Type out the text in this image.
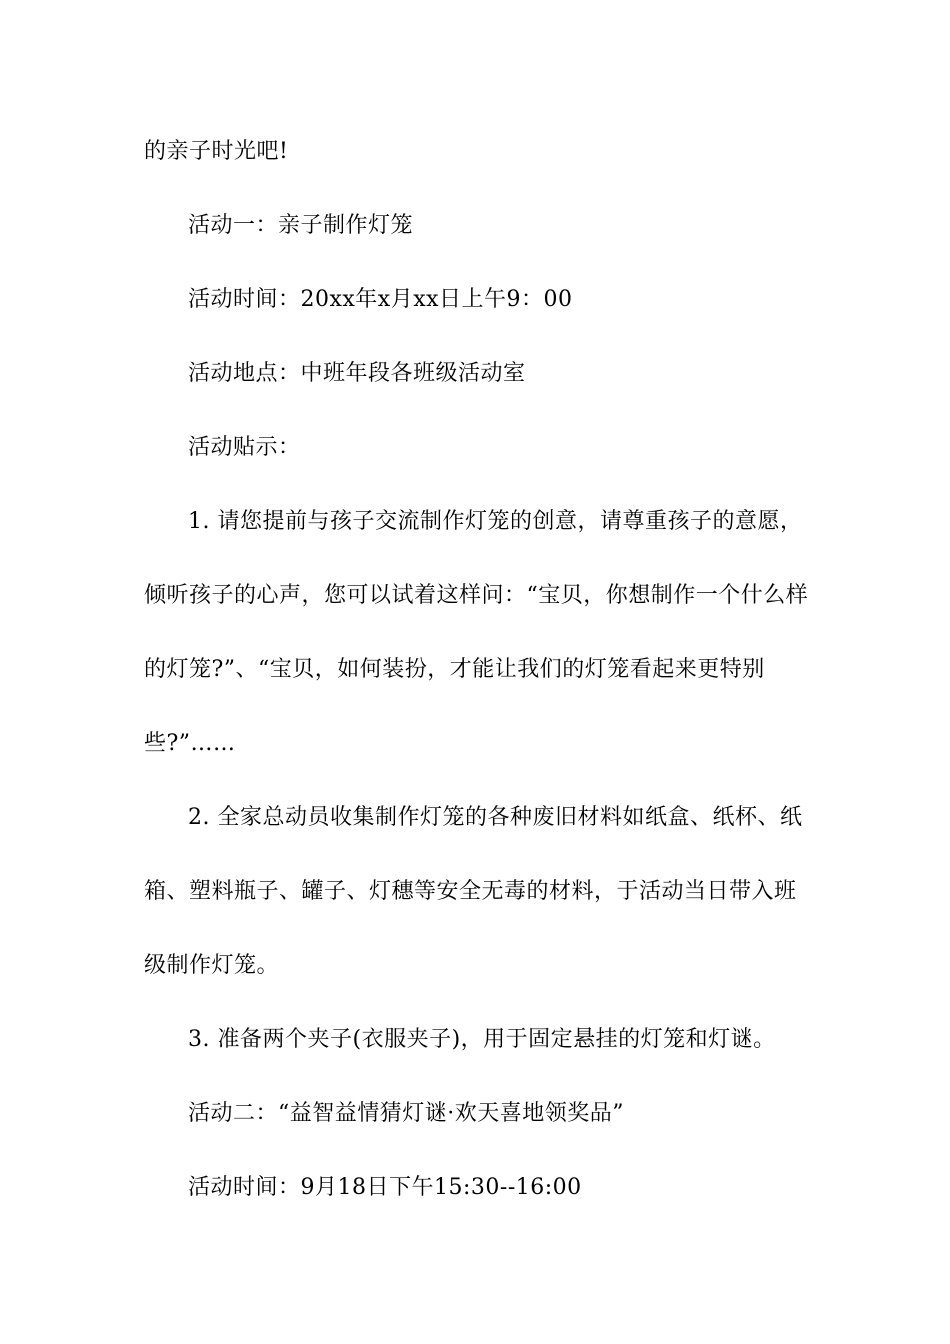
的亲子时光吧!

活动一：亲子制作灯笼

活动时间：20xx年x月xx日上午9：00

活动地点：中班年段各班级活动室

活动贴示：

1. 请您提前与孩子交流制作灯笼的创意，请尊重孩子的意愿，倾听孩子的心声，您可以试着这样问：“宝贝，你想制作一个什么样的灯笼?”、“宝贝，如何装扮，才能让我们的灯笼看起来更特别些?”……

2. 全家总动员收集制作灯笼的各种废旧材料如纸盒、纸杯、纸箱、塑料瓶子、罐子、灯穗等安全无毒的材料，于活动当日带入班级制作灯笼。

3. 准备两个夹子(衣服夹子)，用于固定悬挂的灯笼和灯谜。

活动二：“益智益情猜灯谜·欢天喜地领奖品”

活动时间：9月18日下午15:30--16:00
